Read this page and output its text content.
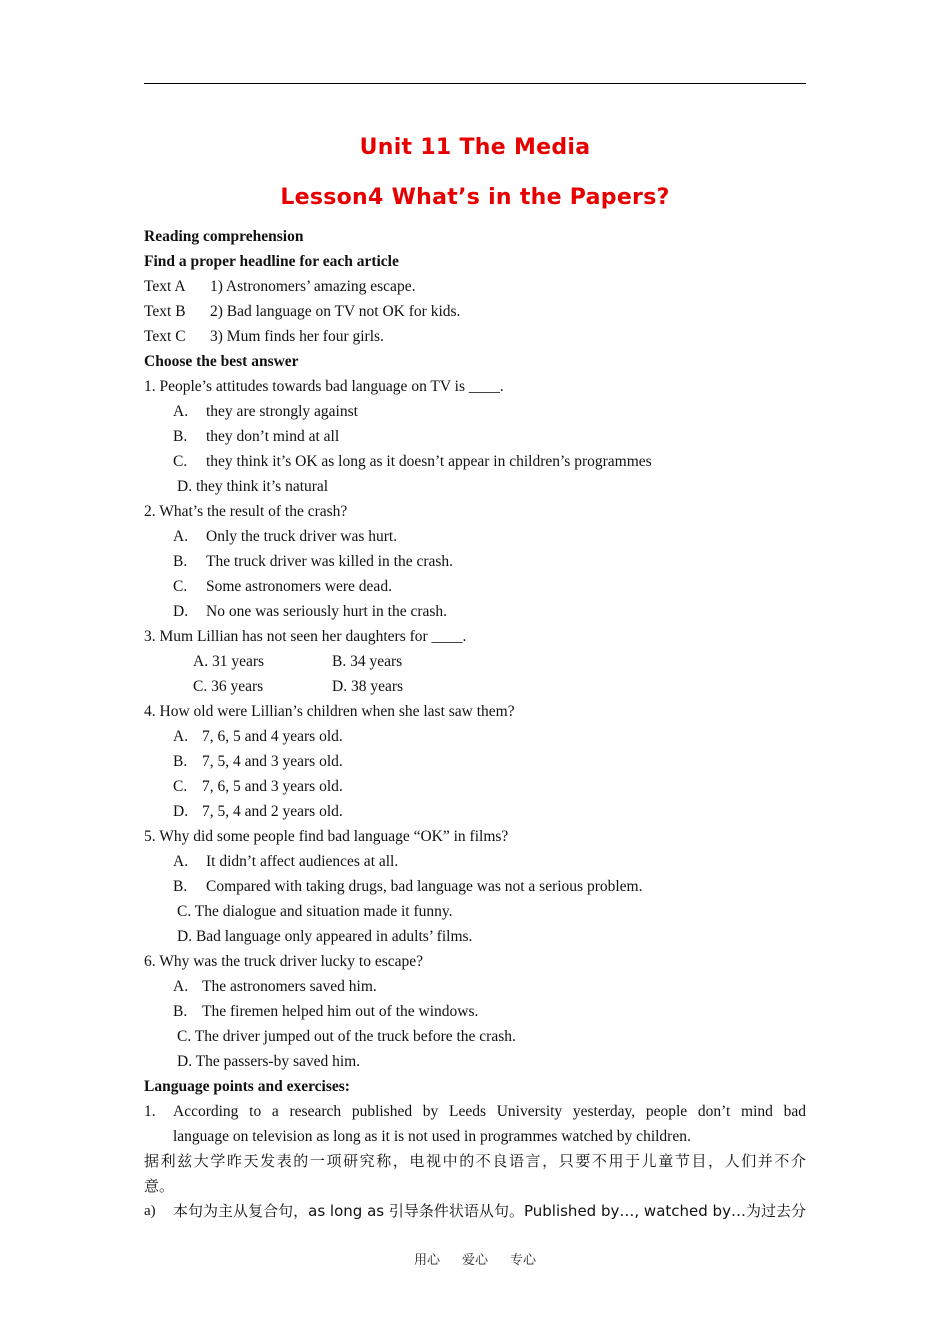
Unit 11 The Media
Lesson4 What’s in the Papers?
Reading comprehension
Find a proper headline for each article
Text A 1) Astronomers’ amazing escape.
Text B 2) Bad language on TV not OK for kids.
Text C 3) Mum finds her four girls.
Choose the best answer
1. People’s attitudes towards bad language on TV is ____.
A. they are strongly against
B. they don’t mind at all
C. they think it’s OK as long as it doesn’t appear in children’s programmes
D. they think it’s natural
2. What’s the result of the crash?
A. Only the truck driver was hurt.
B. The truck driver was killed in the crash.
C. Some astronomers were dead.
D. No one was seriously hurt in the crash.
3. Mum Lillian has not seen her daughters for ____.
A. 31 years	B. 34 years
C. 36 years	D. 38 years
4. How old were Lillian’s children when she last saw them?
A. 7, 6, 5 and 4 years old.
B. 7, 5, 4 and 3 years old.
C. 7, 6, 5 and 3 years old.
D. 7, 5, 4 and 2 years old.
5. Why did some people find bad language “OK” in films?
A. It didn’t affect audiences at all.
B. Compared with taking drugs, bad language was not a serious problem.
C. The dialogue and situation made it funny.
D. Bad language only appeared in adults’ films.
6. Why was the truck driver lucky to escape?
A. The astronomers saved him.
B. The firemen helped him out of the windows.
C. The driver jumped out of the truck before the crash.
D. The passers-by saved him.
Language points and exercises:
1.	According to a research published by Leeds University yesterday, people don’t mind bad
language on television as long as it is not used in programmes watched by children.
据利兹大学昨天发表的一项研究称，电视中的不良语言，只要不用于儿童节目，人们并不介
意。
a)	本句为主从复合句，as long as 引导条件状语从句。Published by…, watched by…为过去分
用心 爱心 专心
